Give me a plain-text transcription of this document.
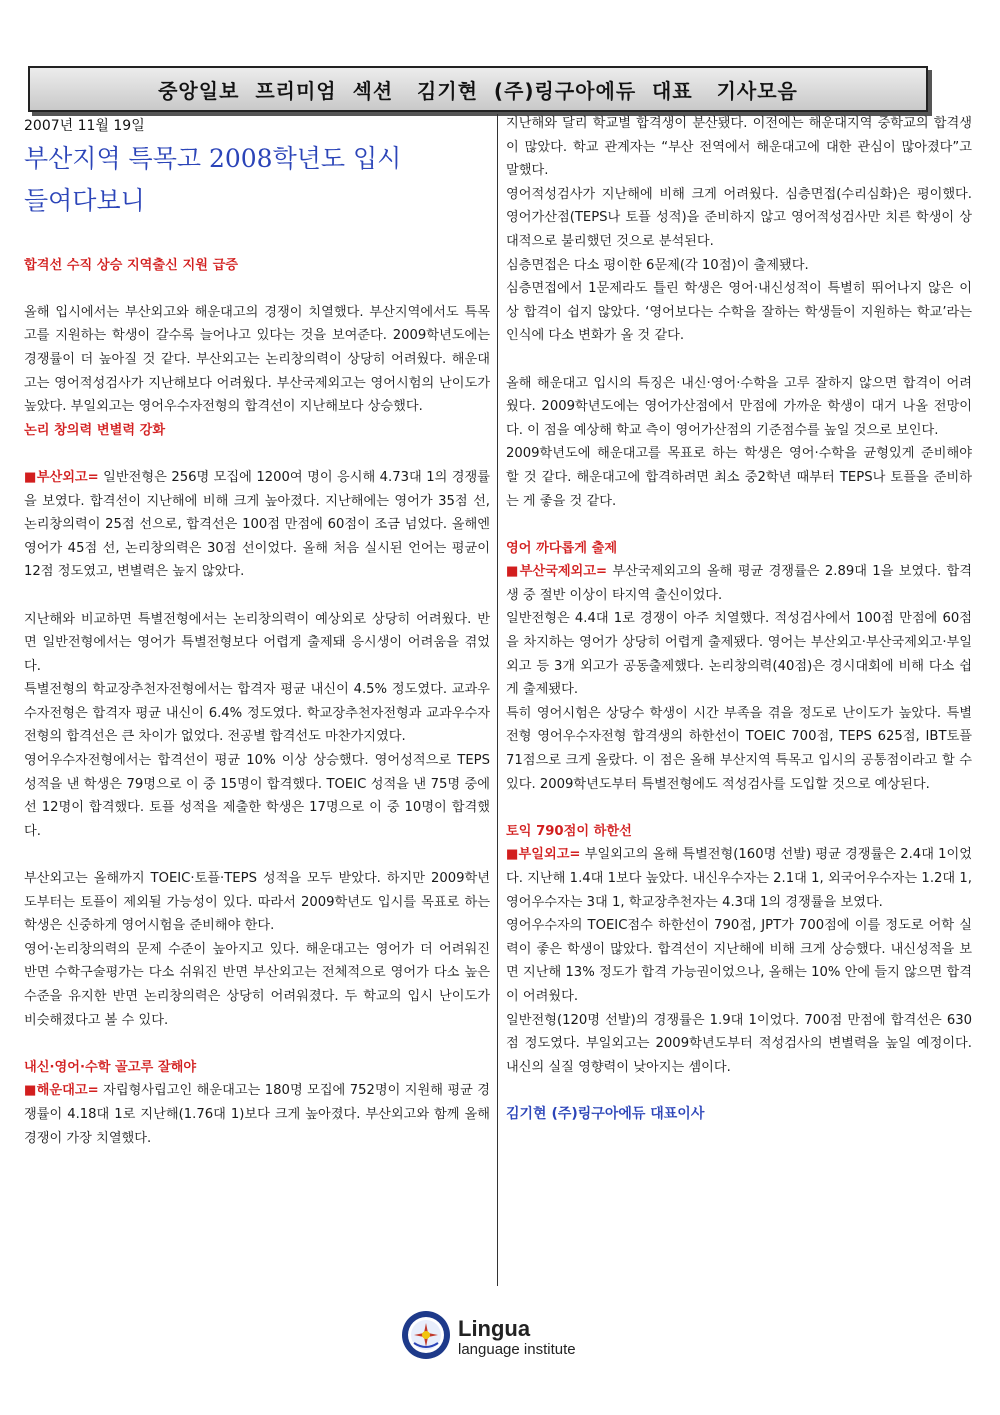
중앙일보  프리미엄  섹션   김기현  (주)링구아에듀  대표   기사모음
2007년 11월 19일
부산지역 특목고 2008학년도 입시
들여다보니
합격선 수직 상승 지역출신 지원 급증
올해 입시에서는 부산외고와 해운대고의 경쟁이 치열했다. 부산지역에서도 특목고를 지원하는 학생이 갈수록 늘어나고 있다는 것을 보여준다. 2009학년도에는 경쟁률이 더 높아질 것 같다. 부산외고는 논리창의력이 상당히 어려웠다. 해운대고는 영어적성검사가 지난해보다 어려웠다. 부산국제외고는 영어시험의 난이도가 높았다. 부일외고는 영어우수자전형의 합격선이 지난해보다 상승했다.
논리 창의력 변별력 강화
■부산외고= 일반전형은 256명 모집에 1200여 명이 응시해 4.73대 1의 경쟁률을 보였다. 합격선이 지난해에 비해 크게 높아졌다. 지난해에는 영어가 35점 선, 논리창의력이 25점 선으로, 합격선은 100점 만점에 60점이 조금 넘었다. 올해엔 영어가 45점 선, 논리창의력은 30점 선이었다. 올해 처음 실시된 언어는 평균이 12점 정도였고, 변별력은 높지 않았다.
지난해와 비교하면 특별전형에서는 논리창의력이 예상외로 상당히 어려웠다. 반면 일반전형에서는 영어가 특별전형보다 어렵게 출제돼 응시생이 어려움을 겪었다.
특별전형의 학교장추천자전형에서는 합격자 평균 내신이 4.5% 정도였다. 교과우수자전형은 합격자 평균 내신이 6.4% 정도였다. 학교장추천자전형과 교과우수자전형의 합격선은 큰 차이가 없었다. 전공별 합격선도 마찬가지였다.
영어우수자전형에서는 합격선이 평균 10% 이상 상승했다. 영어성적으로 TEPS 성적을 낸 학생은 79명으로 이 중 15명이 합격했다. TOEIC 성적을 낸 75명 중에선 12명이 합격했다. 토플 성적을 제출한 학생은 17명으로 이 중 10명이 합격했다.
부산외고는 올해까지 TOEIC·토플·TEPS 성적을 모두 받았다. 하지만 2009학년도부터는 토플이 제외될 가능성이 있다. 따라서 2009학년도 입시를 목표로 하는 학생은 신중하게 영어시험을 준비해야 한다.
영어·논리창의력의 문제 수준이 높아지고 있다. 해운대고는 영어가 더 어려워진 반면 수학구술평가는 다소 쉬워진 반면 부산외고는 전체적으로 영어가 다소 높은 수준을 유지한 반면 논리창의력은 상당히 어려워졌다. 두 학교의 입시 난이도가 비슷해졌다고 볼 수 있다.
내신·영어·수학 골고루 잘해야
■해운대고= 자립형사립고인 해운대고는 180명 모집에 752명이 지원해 평균 경쟁률이 4.18대 1로 지난해(1.76대 1)보다 크게 높아졌다. 부산외고와 함께 올해 경쟁이 가장 치열했다.
지난해와 달리 학교별 합격생이 분산됐다. 이전에는 해운대지역 중학교의 합격생이 많았다. 학교 관계자는 “부산 전역에서 해운대고에 대한 관심이 많아졌다”고 말했다.
영어적성검사가 지난해에 비해 크게 어려웠다. 심층면접(수리심화)은 평이했다. 영어가산점(TEPS나 토플 성적)을 준비하지 않고 영어적성검사만 치른 학생이 상대적으로 불리했던 것으로 분석된다.
심층면접은 다소 평이한 6문제(각 10점)이 출제됐다.
심층면접에서 1문제라도 틀린 학생은 영어·내신성적이 특별히 뛰어나지 않은 이상 합격이 쉽지 않았다. ‘영어보다는 수학을 잘하는 학생들이 지원하는 학교’라는 인식에 다소 변화가 올 것 같다.
올해 해운대고 입시의 특징은 내신·영어·수학을 고루 잘하지 않으면 합격이 어려웠다. 2009학년도에는 영어가산점에서 만점에 가까운 학생이 대거 나올 전망이다. 이 점을 예상해 학교 측이 영어가산점의 기준점수를 높일 것으로 보인다.
2009학년도에 해운대고를 목표로 하는 학생은 영어·수학을 균형있게 준비해야 할 것 같다. 해운대고에 합격하려면 최소 중2학년 때부터 TEPS나 토플을 준비하는 게 좋을 것 같다.
영어 까다롭게 출제
■부산국제외고= 부산국제외고의 올해 평균 경쟁률은 2.89대 1을 보였다. 합격생 중 절반 이상이 타지역 출신이었다.
일반전형은 4.4대 1로 경쟁이 아주 치열했다. 적성검사에서 100점 만점에 60점을 차지하는 영어가 상당히 어렵게 출제됐다. 영어는 부산외고·부산국제외고·부일외고 등 3개 외고가 공동출제했다. 논리창의력(40점)은 경시대회에 비해 다소 쉽게 출제됐다.
특히 영어시험은 상당수 학생이 시간 부족을 겪을 정도로 난이도가 높았다. 특별전형 영어우수자전형 합격생의 하한선이 TOEIC 700점, TEPS 625점, IBT토플 71점으로 크게 올랐다. 이 점은 올해 부산지역 특목고 입시의 공통점이라고 할 수 있다. 2009학년도부터 특별전형에도 적성검사를 도입할 것으로 예상된다.
토익 790점이 하한선
■부일외고= 부일외고의 올해 특별전형(160명 선발) 평균 경쟁률은 2.4대 1이었다. 지난해 1.4대 1보다 높았다. 내신우수자는 2.1대 1, 외국어우수자는 1.2대 1, 영어우수자는 3대 1, 학교장추천자는 4.3대 1의 경쟁률을 보였다.
영어우수자의 TOEIC점수 하한선이 790점, JPT가 700점에 이를 정도로 어학 실력이 좋은 학생이 많았다. 합격선이 지난해에 비해 크게 상승했다. 내신성적을 보면 지난해 13% 정도가 합격 가능권이었으나, 올해는 10% 안에 들지 않으면 합격이 어려웠다.
일반전형(120명 선발)의 경쟁률은 1.9대 1이었다. 700점 만점에 합격선은 630점 정도였다. 부일외고는 2009학년도부터 적성검사의 변별력을 높일 예정이다. 내신의 실질 영향력이 낮아지는 셈이다.
김기현 (주)링구아에듀 대표이사
Lingua
language institute
